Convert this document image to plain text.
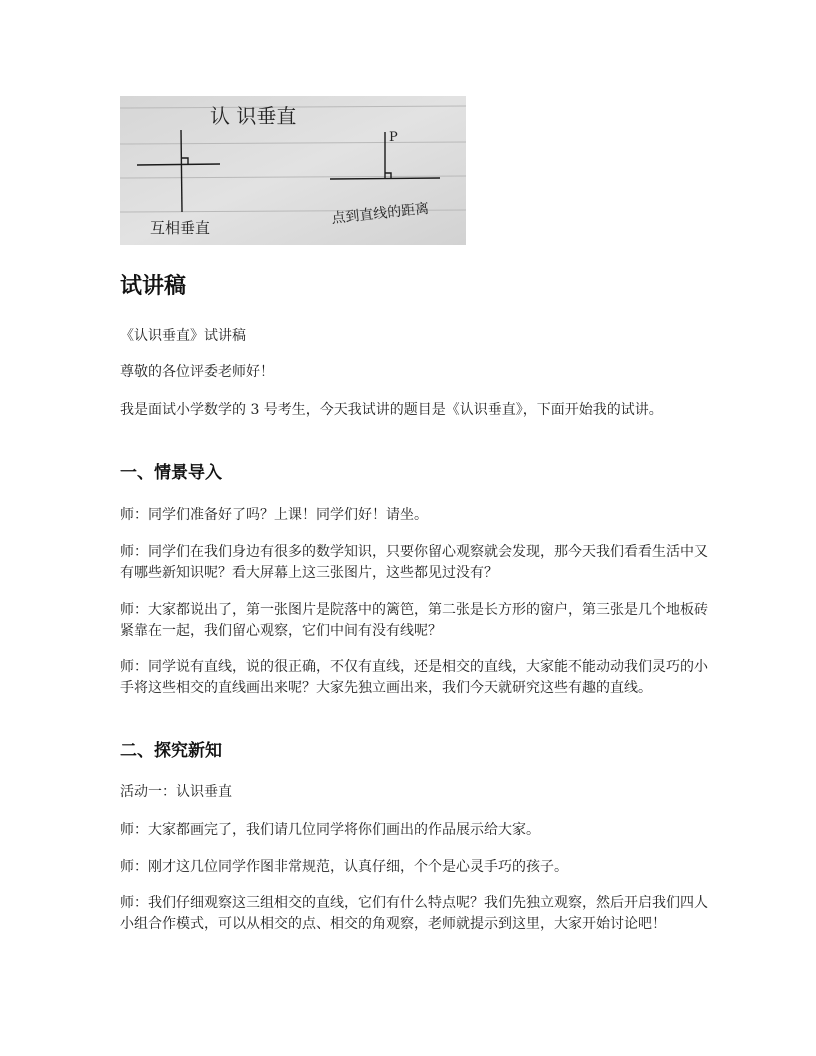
认 识垂直
互相垂直
P
点到直线的距离
试讲稿

《认识垂直》试讲稿

尊敬的各位评委老师好！

我是面试小学数学的 3 号考生，今天我试讲的题目是《认识垂直》，下面开始我的试讲。

一、情景导入

师：同学们准备好了吗？上课！同学们好！请坐。

师：同学们在我们身边有很多的数学知识，只要你留心观察就会发现，那今天我们看看生活中又有哪些新知识呢？看大屏幕上这三张图片，这些都见过没有？

师：大家都说出了，第一张图片是院落中的篱笆，第二张是长方形的窗户，第三张是几个地板砖紧靠在一起，我们留心观察，它们中间有没有线呢？

师：同学说有直线，说的很正确，不仅有直线，还是相交的直线，大家能不能动动我们灵巧的小手将这些相交的直线画出来呢？大家先独立画出来，我们今天就研究这些有趣的直线。

二、探究新知

活动一：认识垂直

师：大家都画完了，我们请几位同学将你们画出的作品展示给大家。

师：刚才这几位同学作图非常规范，认真仔细，个个是心灵手巧的孩子。

师：我们仔细观察这三组相交的直线，它们有什么特点呢？我们先独立观察，然后开启我们四人小组合作模式，可以从相交的点、相交的角观察，老师就提示到这里，大家开始讨论吧！
